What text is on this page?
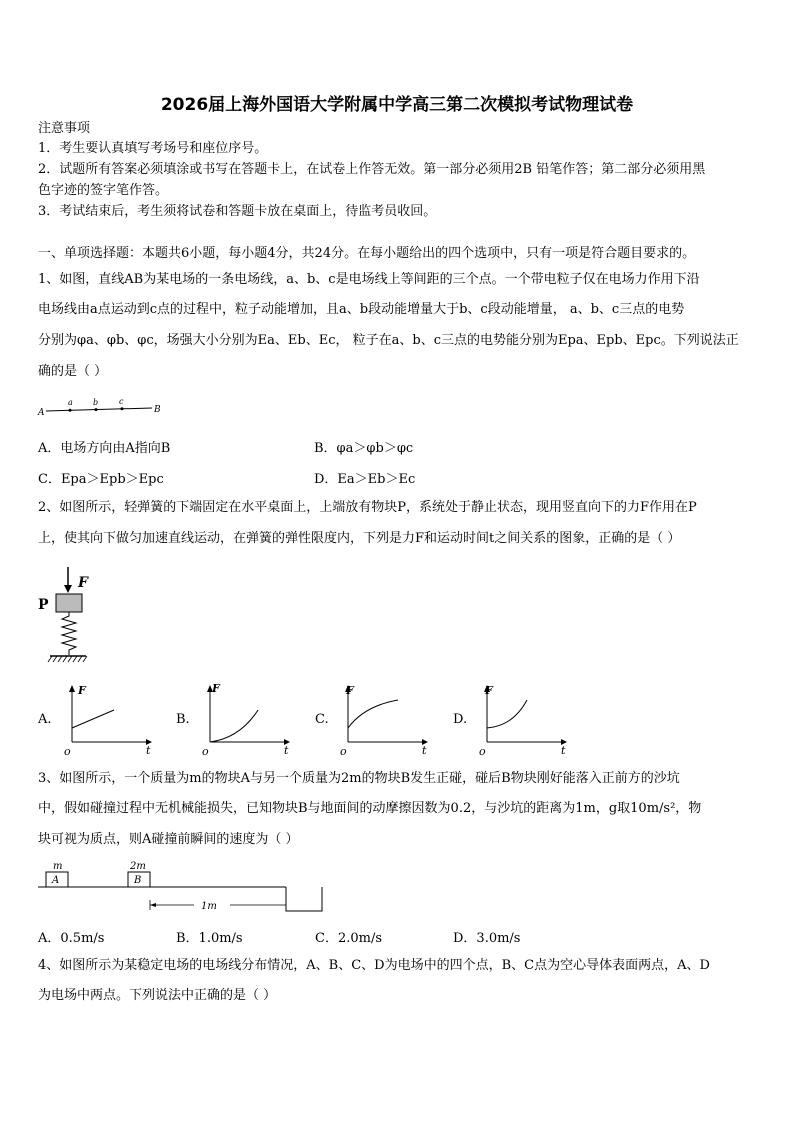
2026届上海外国语大学附属中学高三第二次模拟考试物理试卷
注意事项
1．考生要认真填写考场号和座位序号。
2．试题所有答案必须填涂或书写在答题卡上，在试卷上作答无效。第一部分必须用2B 铅笔作答；第二部分必须用黑
色字迹的签字笔作答。
3．考试结束后，考生须将试卷和答题卡放在桌面上，待监考员收回。
一、单项选择题：本题共6小题，每小题4分，共24分。在每小题给出的四个选项中，只有一项是符合题目要求的。
1、如图，直线AB为某电场的一条电场线，a、b、c是电场线上等间距的三个点。一个带电粒子仅在电场力作用下沿
电场线由a点运动到c点的过程中，粒子动能增加，且a、b段动能增量大于b、c段动能增量， a、b、c三点的电势
分别为φa、φb、φc，场强大小分别为Ea、Eb、Ec， 粒子在a、b、c三点的电势能分别为Epa、Epb、Epc。下列说法正
确的是（ ）
A
a	b	c
B
A．电场方向由A指向B	B．φa＞φb＞φc
C．Epa＞Epb＞Epc	D．Ea＞Eb＞Ec
2、如图所示，轻弹簧的下端固定在水平桌面上，上端放有物块P，系统处于静止状态，现用竖直向下的力F作用在P
上，使其向下做匀加速直线运动，在弹簧的弹性限度内，下列是力F和运动时间t之间关系的图象，正确的是（ ）
P
F
A.	B.	C.	D.
F
t
o
F
t
o
F
t
o
F
t
o
3、如图所示，一个质量为m的物块A与另一个质量为2m的物块B发生正碰，碰后B物块刚好能落入正前方的沙坑
中，假如碰撞过程中无机械能损失，已知物块B与地面间的动摩擦因数为0.2，与沙坑的距离为1m，g取10m/s²，物
块可视为质点，则A碰撞前瞬间的速度为（ ）
m
A
2m
B
1m
A．0.5m/s	B．1.0m/s	C．2.0m/s	D．3.0m/s
4、如图所示为某稳定电场的电场线分布情况，A、B、C、D为电场中的四个点，B、C点为空心导体表面两点，A、D
为电场中两点。下列说法中正确的是（ ）
